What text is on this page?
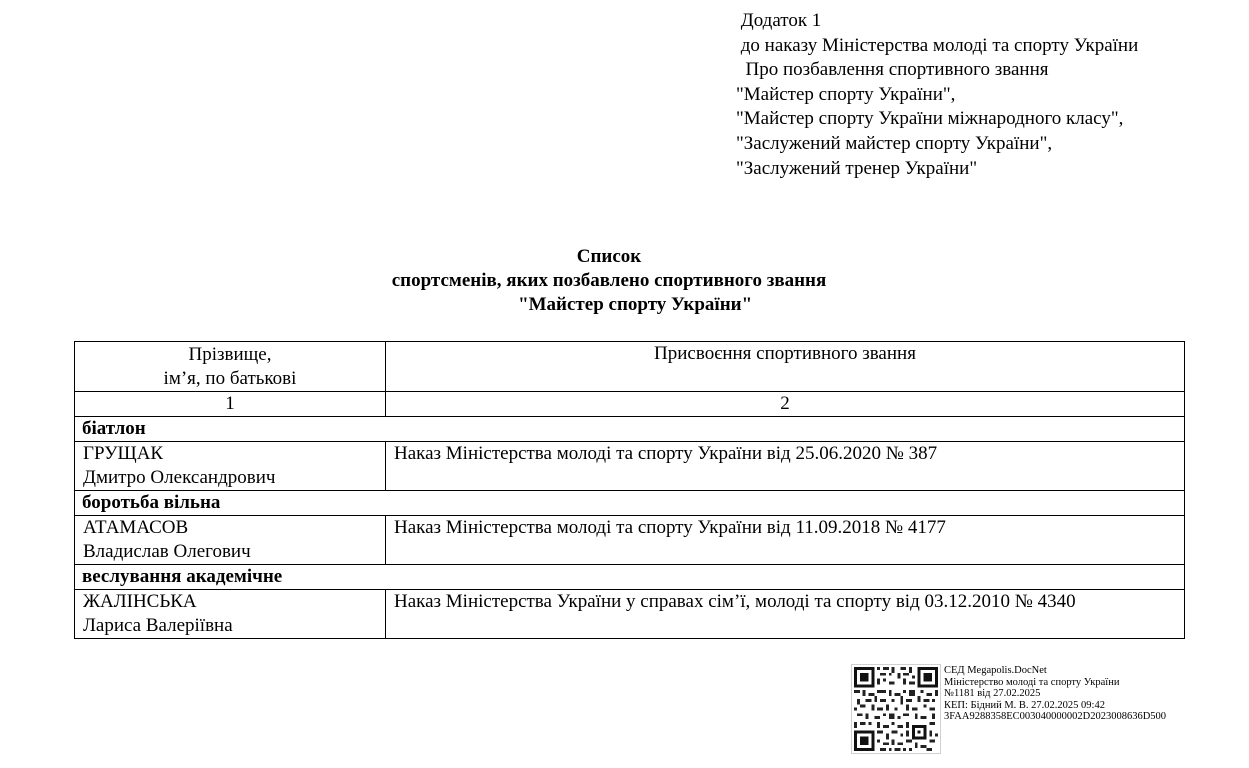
Додаток 1
до наказу Міністерства молоді та спорту України
Про позбавлення спортивного звання
"Майстер спорту України",
"Майстер спорту України міжнародного класу",
"Заслужений майстер спорту України",
"Заслужений тренер України"
Список
спортсменів, яких позбавлено спортивного звання
"Майстер спорту України"
Прізвище,
ім’я, по батькові	Присвоєння спортивного звання
1	2
біатлон	

ГРУЩАК
Дмитро Олександрович	Наказ Міністерства молоді та спорту України від 25.06.2020 № 387
боротьба вільна	

АТАМАСОВ
Владислав Олегович	Наказ Міністерства молоді та спорту України від 11.09.2018 № 4177
веслування академічне	

ЖАЛІНСЬКА
Лариса Валеріївна	Наказ Міністерства України у справах сім’ї, молоді та спорту від 03.12.2010 № 4340
СЕД Megapolis.DocNet
Міністерство молоді та спорту України
№1181 від 27.02.2025
КЕП: Бідний М. В. 27.02.2025 09:42
3FAA9288358EC003040000002D2023008636D500
